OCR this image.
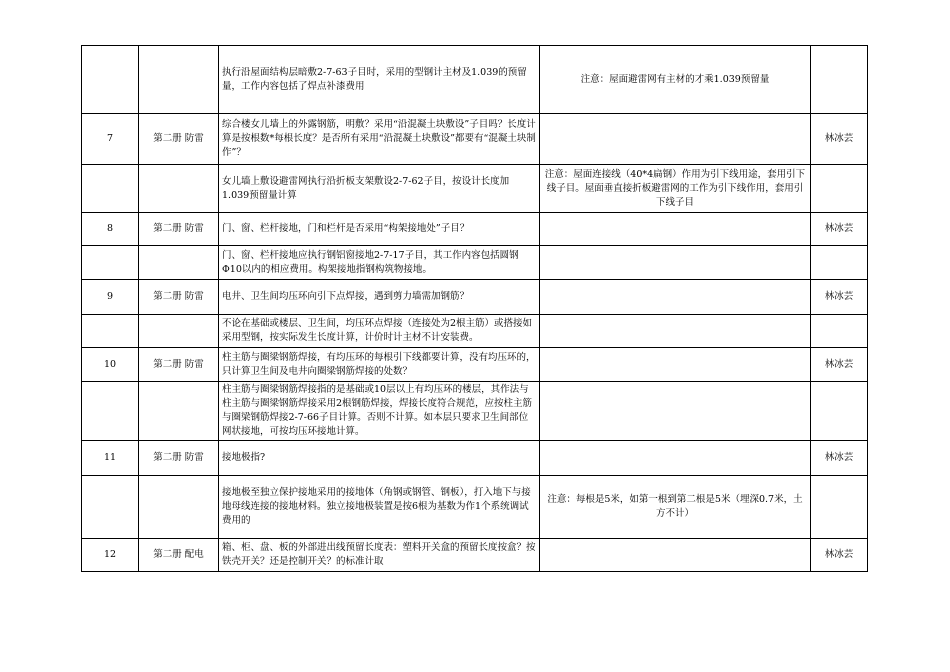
		执行沿屋面结构层暗敷2-7-63子目时，采用的型钢计主材及1.039的预留量，工作内容包括了焊点补漆费用	注意：屋面避雷网有主材的才乘1.039预留量	
7	第二册 防雷	综合楼女儿墙上的外露钢筋，明敷？采用“沿混凝土块敷设”子目吗？长度计算是按根数*每根长度？是否所有采用“沿混凝土块敷设”都要有“混凝土块制作”？		林冰芸
		女儿墙上敷设避雷网执行沿折板支架敷设2-7-62子目，按设计长度加1.039预留量计算	注意：屋面连接线（40*4扁钢）作用为引下线用途，套用引下线子目。屋面垂直接折板避雷网的工作为引下线作用，套用引下线子目	
8	第二册 防雷	门、窗、栏杆接地，门和栏杆是否采用“构架接地处”子目？		林冰芸
		门、窗、栏杆接地应执行钢铝窗接地2-7-17子目，其工作内容包括圆钢Φ10以内的相应费用。构架接地指钢构筑物接地。		
9	第二册 防雷	电井、卫生间均压环向引下点焊接，遇到剪力墙需加钢筋？		林冰芸
		不论在基础或楼层、卫生间，均压环点焊接（连接处为2根主筋）或搭接如采用型钢，按实际发生长度计算，计价时计主材不计安装费。		
10	第二册 防雷	柱主筋与圈梁钢筋焊接，有均压环的每根引下线都要计算，没有均压环的，只计算卫生间及电井向圈梁钢筋焊接的处数？		林冰芸
		柱主筋与圈梁钢筋焊接指的是基础或10层以上有均压环的楼层，其作法与柱主筋与圈梁钢筋焊接采用2根钢筋焊接，焊接长度符合规范，应按柱主筋与圈梁钢筋焊接2-7-66子目计算。否则不计算。如本层只要求卫生间部位网状接地，可按均压环接地计算。		
11	第二册 防雷	接地极指?		林冰芸
		接地极至独立保护接地采用的接地体（角钢或钢管、钢板），打入地下与接地母线连接的接地材料。独立接地极装置是按6根为基数为作1个系统调试费用的	注意：每根是5米，如第一根到第二根是5米（埋深0.7米，土方不计）	
12	第二册 配电	箱、柜、盘、板的外部进出线预留长度表：塑料开关盒的预留长度按盒？按铁壳开关？还是控制开关？的标准计取		林冰芸
